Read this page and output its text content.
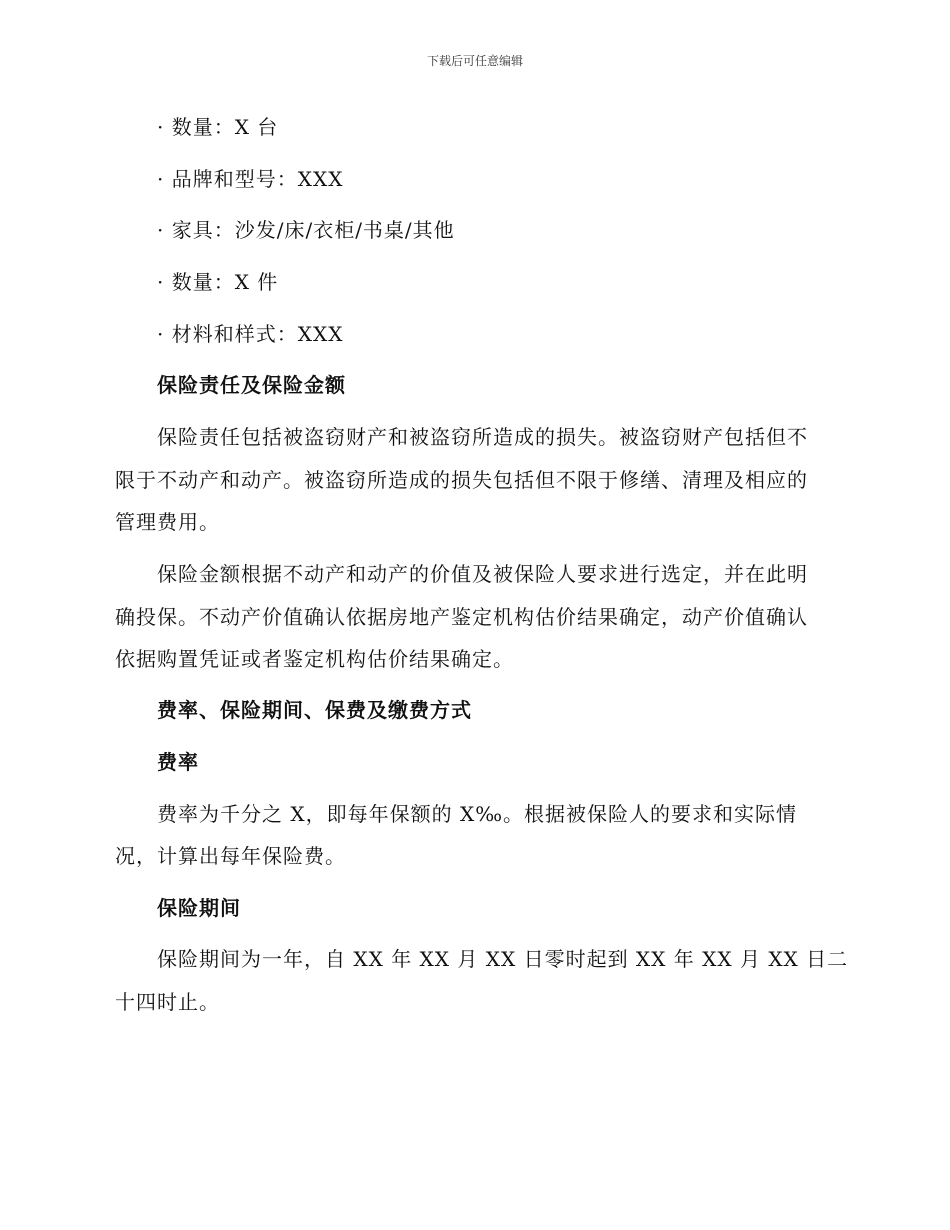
下载后可任意编辑
· 数量：X 台
· 品牌和型号：XXX
· 家具：沙发/床/衣柜/书桌/其他
· 数量：X 件
· 材料和样式：XXX
保险责任及保险金额
保险责任包括被盗窃财产和被盗窃所造成的损失。被盗窃财产包括但不
限于不动产和动产。被盗窃所造成的损失包括但不限于修缮、清理及相应的
管理费用。
保险金额根据不动产和动产的价值及被保险人要求进行选定，并在此明
确投保。不动产价值确认依据房地产鉴定机构估价结果确定，动产价值确认
依据购置凭证或者鉴定机构估价结果确定。
费率、保险期间、保费及缴费方式
费率
费率为千分之 X，即每年保额的 X‰。根据被保险人的要求和实际情
况，计算出每年保险费。
保险期间
保险期间为一年，自 XX 年 XX 月 XX 日零时起到 XX 年 XX 月 XX 日二
十四时止。
